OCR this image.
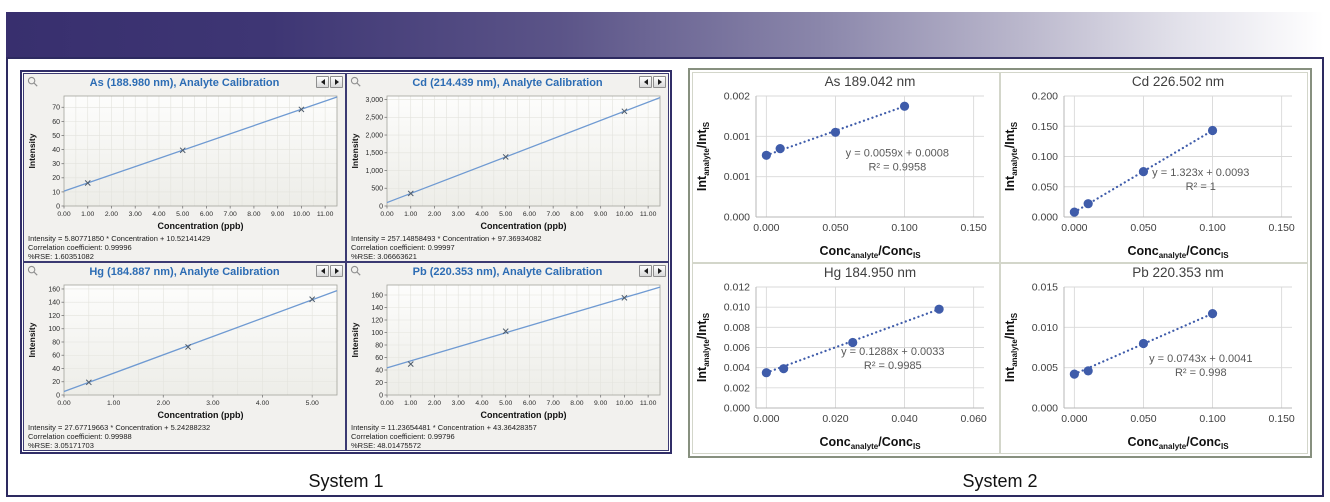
As (188.980 nm), Analyte Calibration
0
10
20
30
40
50
60
70
0.00 1.00 2.00 3.00 4.00 5.00 6.00 7.00 8.00 9.00 10.00 11.00
Concentration (ppb)
Intensity
Intensity = 5.80771850 * Concentration + 10.52141429
Correlation coefficient: 0.99996
%RSE: 1.60351082
Cd (214.439 nm), Analyte Calibration
0
500
1,000
1,500
2,000
2,500
3,000
0.00 1.00 2.00 3.00 4.00 5.00 6.00 7.00 8.00 9.00 10.00 11.00
Concentration (ppb)
Intensity
Intensity = 257.14858493 * Concentration + 97.36934082
Correlation coefficient: 0.99997
%RSE: 3.06663621
Hg (184.887 nm), Analyte Calibration
0
20
40
60
80
100
120
140
160
0.00	1.00	2.00	3.00	4.00	5.00
Concentration (ppb)
Intensity
Intensity = 27.67719663 * Concentration + 5.24288232
Correlation coefficient: 0.99988
%RSE: 3.05171703
Pb (220.353 nm), Analyte Calibration
0
20
40
60
80
100
120
140
160
0.00 1.00 2.00 3.00 4.00 5.00 6.00 7.00 8.00 9.00 10.00 11.00
Concentration (ppb)
Intensity
Intensity = 11.23654481 * Concentration + 43.36428357
Correlation coefficient: 0.99796
%RSE: 48.01475572
System 1
As 189.042 nm
y = 0.0059x + 0.0008
R² = 0.9958
0.000
0.001
0.001
0.002
0.000	0.050	0.100	0.150
Concanalyte/ConcIS
Intanalyte/IntIS
Cd 226.502 nm
y = 1.323x + 0.0093
R² = 1
0.000
0.050
0.100
0.150
0.200
0.000	0.050	0.100	0.150
Concanalyte/ConcIS
Intanalyte/IntIS
Hg 184.950 nm
y = 0.1288x + 0.0033
R² = 0.9985
0.000
0.002
0.004
0.006
0.008
0.010
0.012
0.000	0.020	0.040	0.060
Concanalyte/ConcIS
Intanalyte/IntIS
Pb 220.353 nm
y = 0.0743x + 0.0041
R² = 0.998
0.000
0.005
0.010
0.015
0.000	0.050	0.100	0.150
Concanalyte/ConcIS
Intanalyte/IntIS
System 2
